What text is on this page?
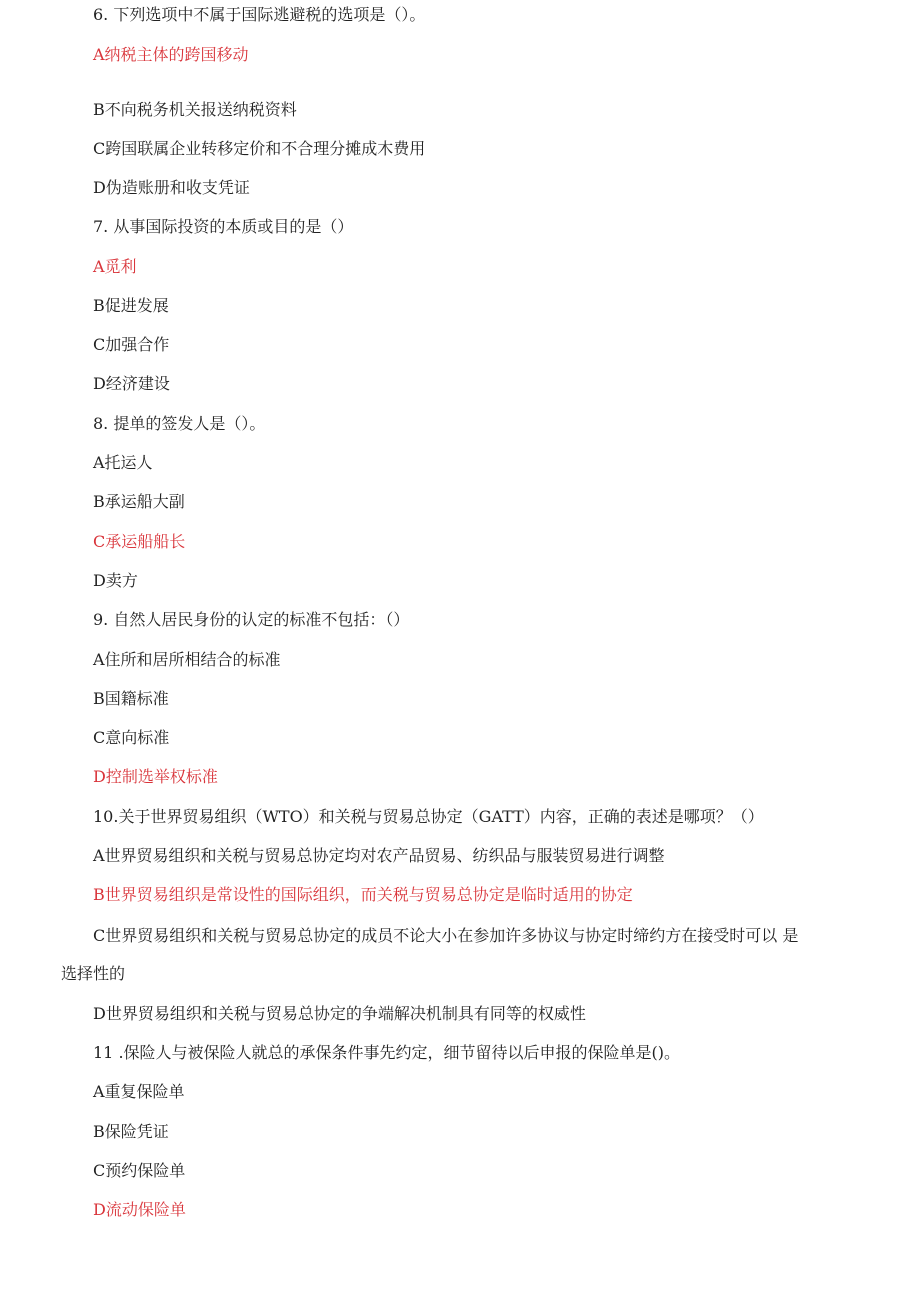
6. 下列选项中不属于国际逃避税的选项是（）。
A纳税主体的跨国移动
B不向税务机关报送纳税资料
C跨国联属企业转移定价和不合理分摊成木费用
D伪造账册和收支凭证
7. 从事国际投资的本质或目的是（）
A觅利
B促进发展
C加强合作
D经济建设
8. 提单的签发人是（）。
A托运人
B承运船大副
C承运船船长
D卖方
9. 自然人居民身份的认定的标准不包括：（）
A住所和居所相结合的标准
B国籍标准
C意向标准
D控制选举权标准
10.关于世界贸易组织（WTO）和关税与贸易总协定（GATT）内容，正确的表述是哪项？（）
A世界贸易组织和关税与贸易总协定均对农产品贸易、纺织品与服装贸易进行调整
B世界贸易组织是常设性的国际组织，而关税与贸易总协定是临时适用的协定
C世界贸易组织和关税与贸易总协定的成员不论大小在参加许多协议与协定时缔约方在接受时可以 是
选择性的
D世界贸易组织和关税与贸易总协定的争端解决机制具有同等的权威性
11 .保险人与被保险人就总的承保条件事先约定，细节留待以后申报的保险单是()。
A重复保险单
B保险凭证
C预约保险单
D流动保险单
